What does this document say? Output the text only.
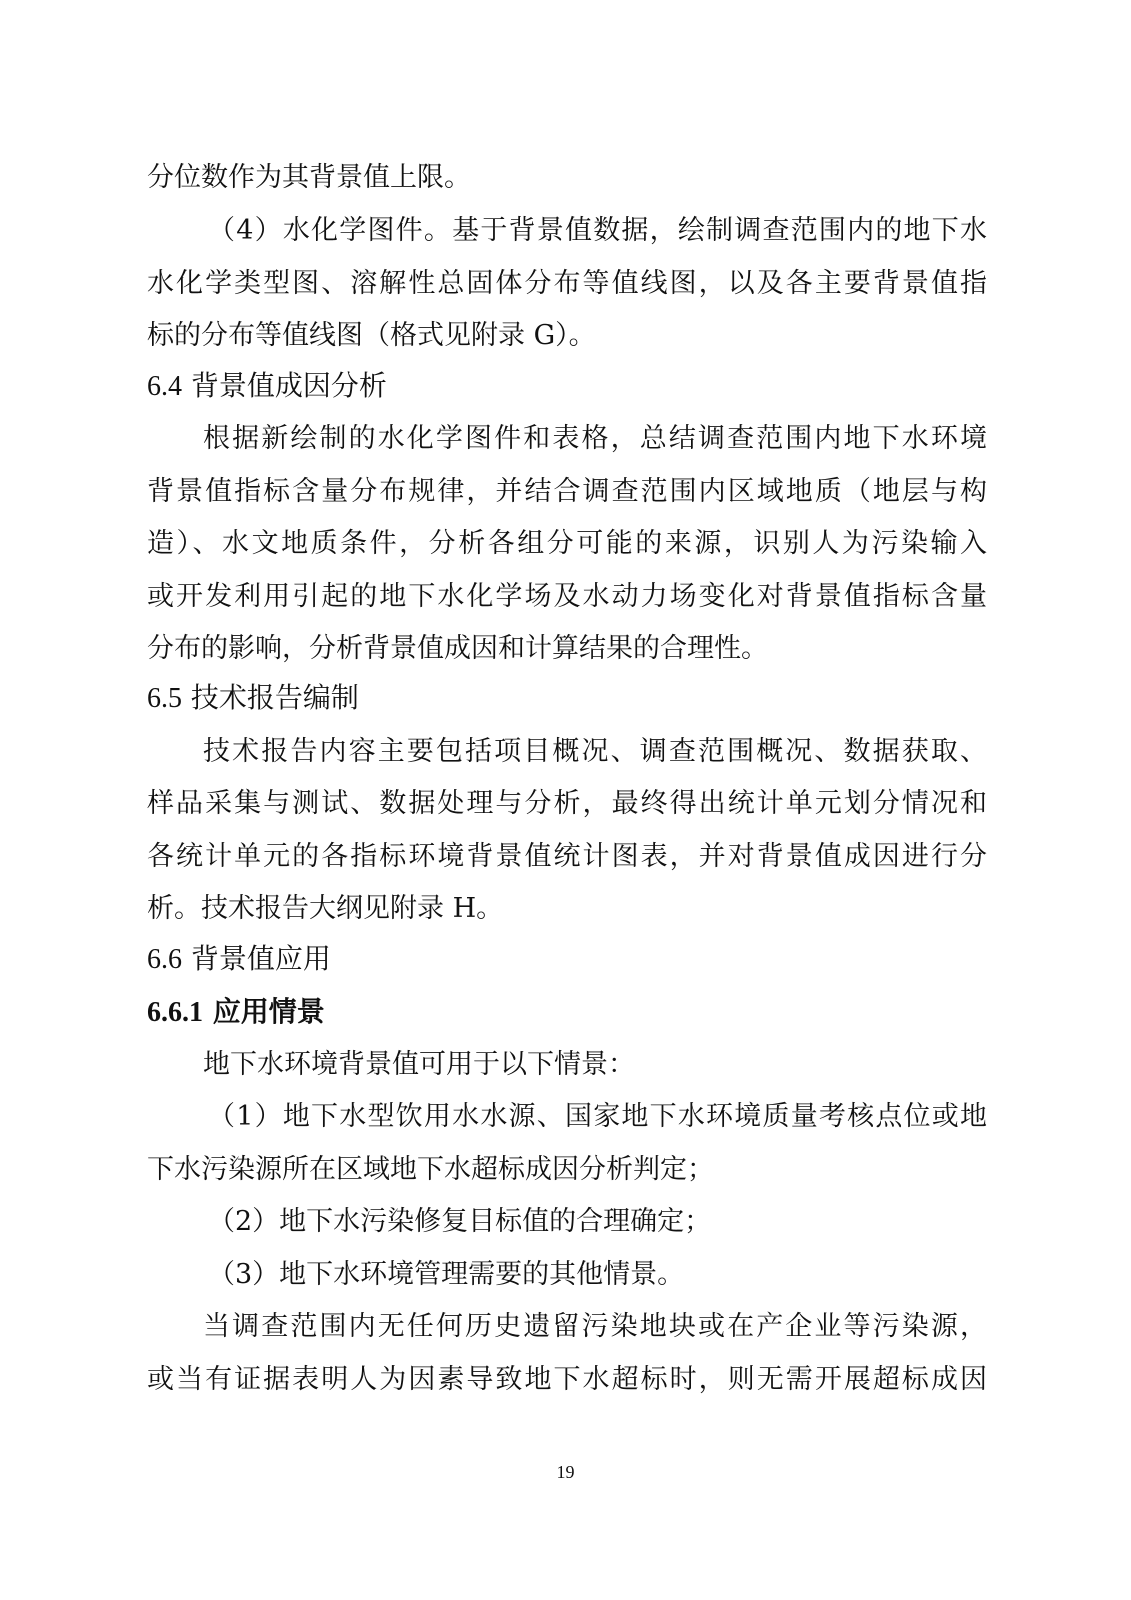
分位数作为其背景值上限。
（4）水化学图件。基于背景值数据，绘制调查范围内的地下水
水化学类型图、溶解性总固体分布等值线图，以及各主要背景值指
标的分布等值线图（格式见附录 G）。
6.4 背景值成因分析
根据新绘制的水化学图件和表格，总结调查范围内地下水环境
背景值指标含量分布规律，并结合调查范围内区域地质（地层与构
造）、水文地质条件，分析各组分可能的来源，识别人为污染输入
或开发利用引起的地下水化学场及水动力场变化对背景值指标含量
分布的影响，分析背景值成因和计算结果的合理性。
6.5 技术报告编制
技术报告内容主要包括项目概况、调查范围概况、数据获取、
样品采集与测试、数据处理与分析，最终得出统计单元划分情况和
各统计单元的各指标环境背景值统计图表，并对背景值成因进行分
析。技术报告大纲见附录 H。
6.6 背景值应用
6.6.1 应用情景
地下水环境背景值可用于以下情景：
（1）地下水型饮用水水源、国家地下水环境质量考核点位或地
下水污染源所在区域地下水超标成因分析判定；
（2）地下水污染修复目标值的合理确定；
（3）地下水环境管理需要的其他情景。
当调查范围内无任何历史遗留污染地块或在产企业等污染源，
或当有证据表明人为因素导致地下水超标时，则无需开展超标成因
19
